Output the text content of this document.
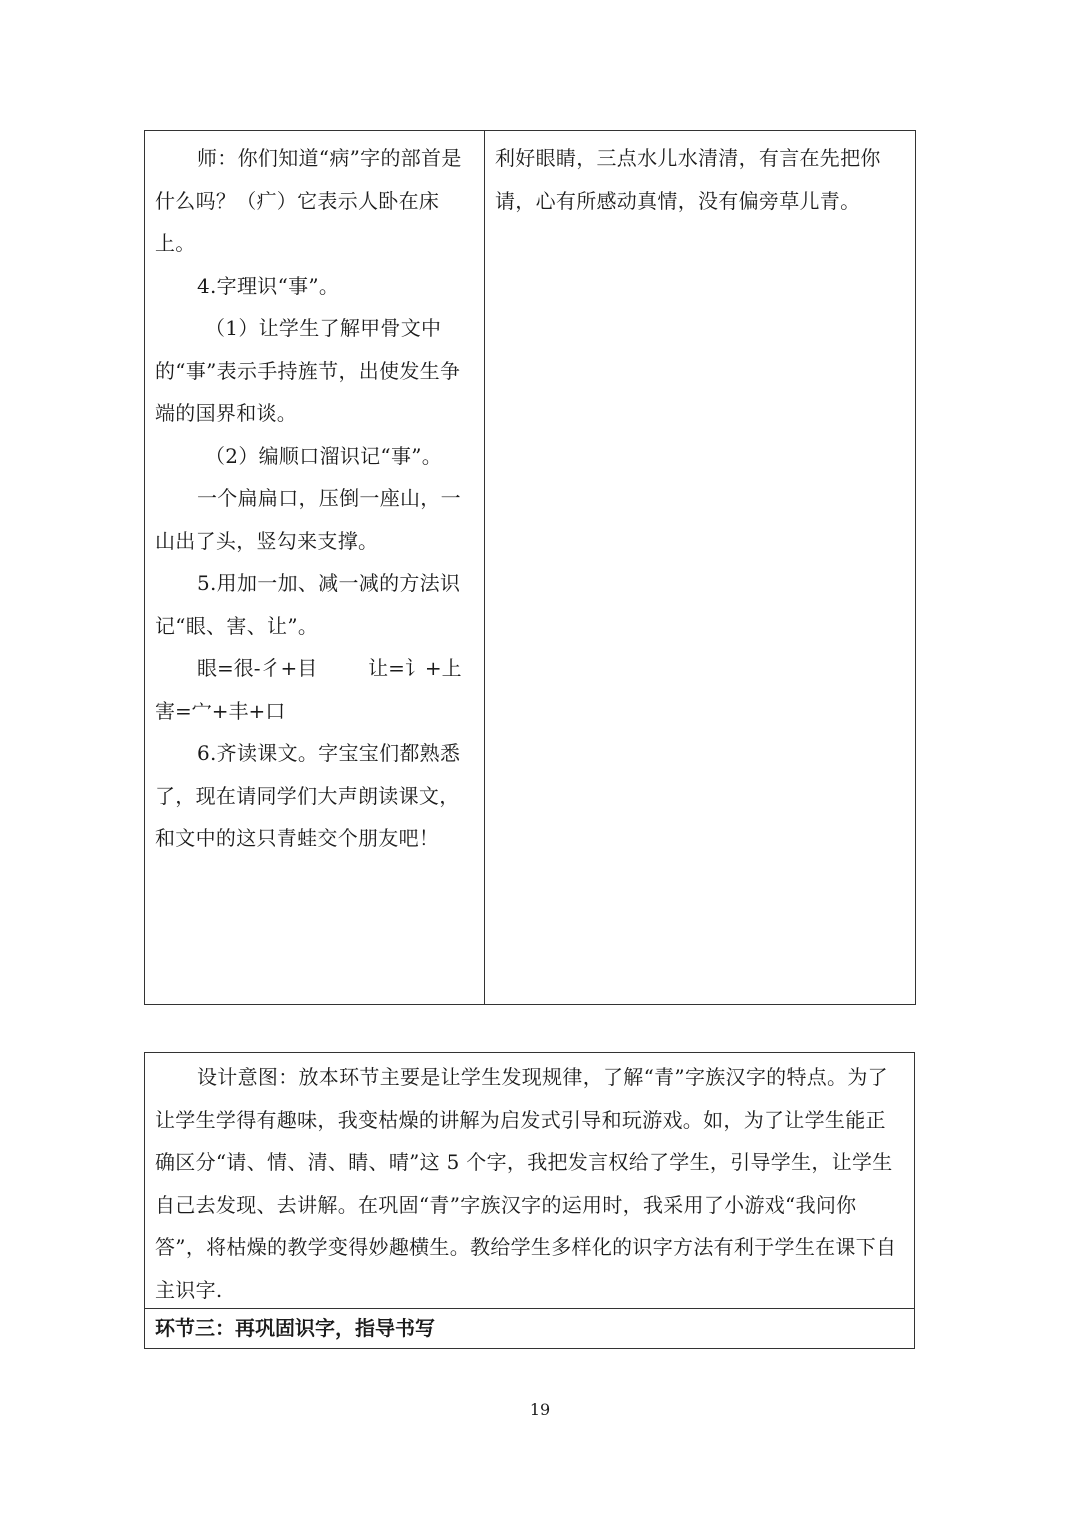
师：你们知道“病”字的部首是什么吗？（疒）它表示人卧在床上。

4.字理识“事”。

（1）让学生了解甲骨文中的“事”表示手持旌节，出使发生争端的国界和谈。

（2）编顺口溜识记“事”。

一个扁扁口，压倒一座山，一山出了头，竖勾来支撑。

5.用加一加、减一减的方法识记“眼、害、让”。

眼=很-彳+目        让=讠+上

害=宀+丰+口

6.齐读课文。字宝宝们都熟悉了，现在请同学们大声朗读课文，和文中的这只青蛙交个朋友吧！

利好眼睛，三点水儿水清清，有言在先把你请，心有所感动真情，没有偏旁草儿青。

设计意图：放本环节主要是让学生发现规律，了解“青”字族汉字的特点。为了让学生学得有趣味，我变枯燥的讲解为启发式引导和玩游戏。如，为了让学生能正确区分“请、情、清、睛、晴”这 5 个字，我把发言权给了学生，引导学生，让学生自己去发现、去讲解。在巩固“青”字族汉字的运用时，我采用了小游戏“我问你答”，将枯燥的教学变得妙趣横生。教给学生多样化的识字方法有利于学生在课下自主识字.

环节三：再巩固识字，指导书写
19
